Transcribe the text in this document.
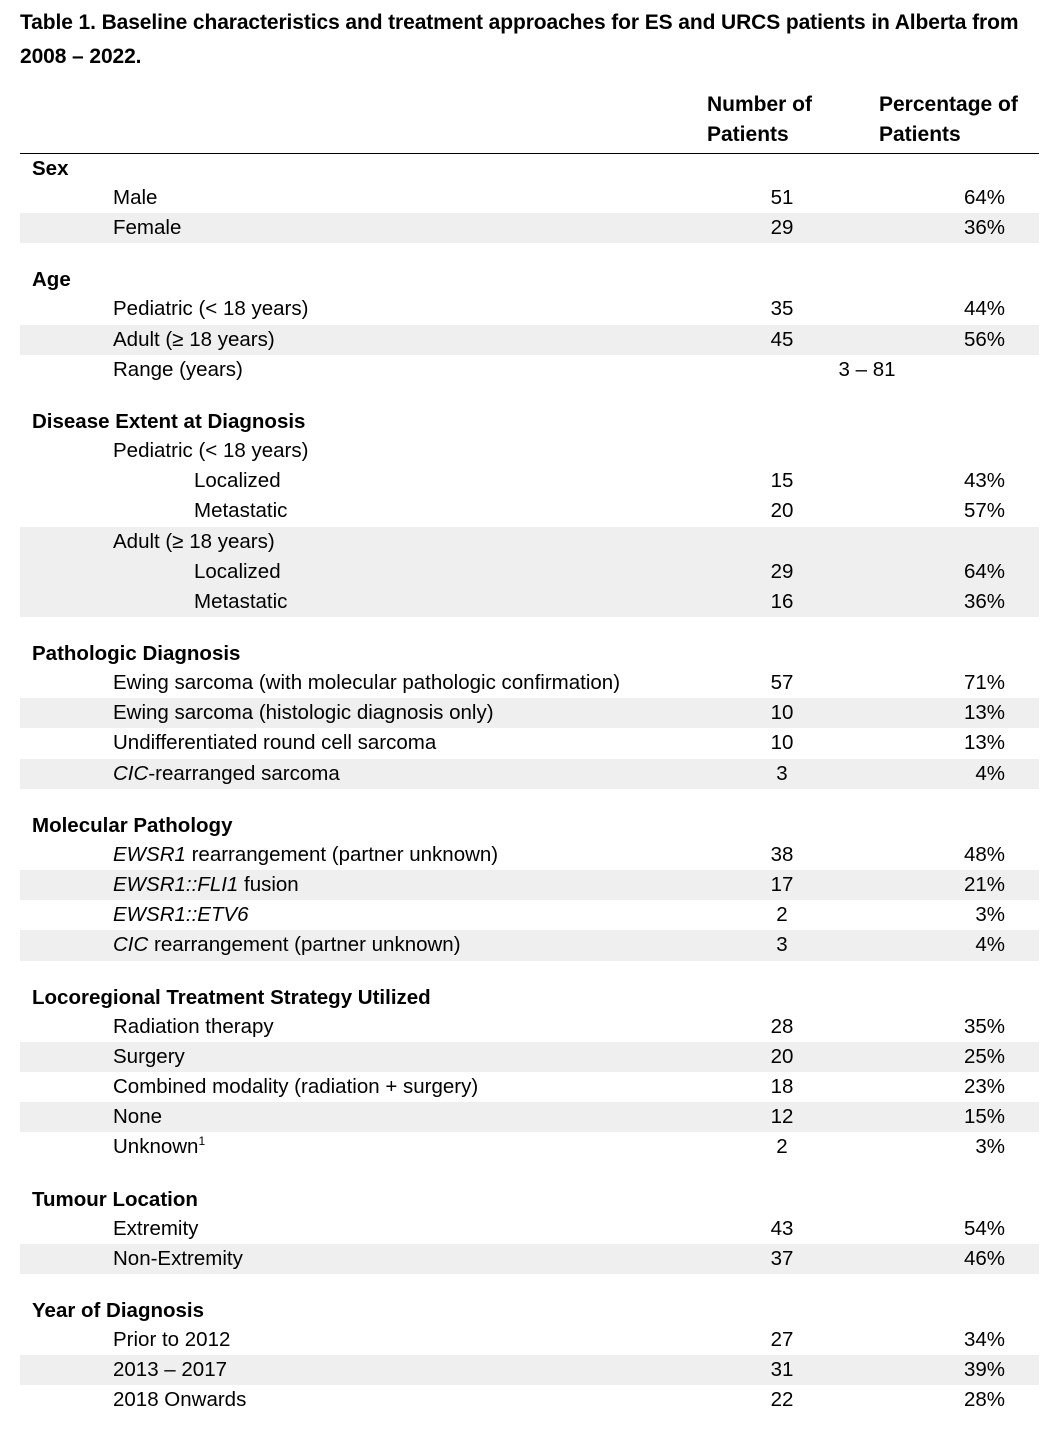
Table 1. Baseline characteristics and treatment approaches for ES and URCS patients in Alberta from 2008 – 2022.
Number of
Patients
Percentage of
Patients
Sex
Male	51	64%
Female	29	36%
Age
Pediatric (< 18 years)	35	44%
Adult (≥ 18 years)	45	56%
Range (years)	3 – 81
Disease Extent at Diagnosis
Pediatric (< 18 years)
Localized	15	43%
Metastatic	20	57%
Adult (≥ 18 years)
Localized	29	64%
Metastatic	16	36%
Pathologic Diagnosis
Ewing sarcoma (with molecular pathologic confirmation)	57	71%
Ewing sarcoma (histologic diagnosis only)	10	13%
Undifferentiated round cell sarcoma	10	13%
CIC-rearranged sarcoma	3	4%
Molecular Pathology
EWSR1 rearrangement (partner unknown)	38	48%
EWSR1::FLI1 fusion	17	21%
EWSR1::ETV6	2	3%
CIC rearrangement (partner unknown)	3	4%
Locoregional Treatment Strategy Utilized
Radiation therapy	28	35%
Surgery	20	25%
Combined modality (radiation + surgery)	18	23%
None	12	15%
Unknown$^1$	2	3%
Tumour Location
Extremity	43	54%
Non-Extremity	37	46%
Year of Diagnosis
Prior to 2012	27	34%
2013 – 2017	31	39%
2018 Onwards	22	28%
